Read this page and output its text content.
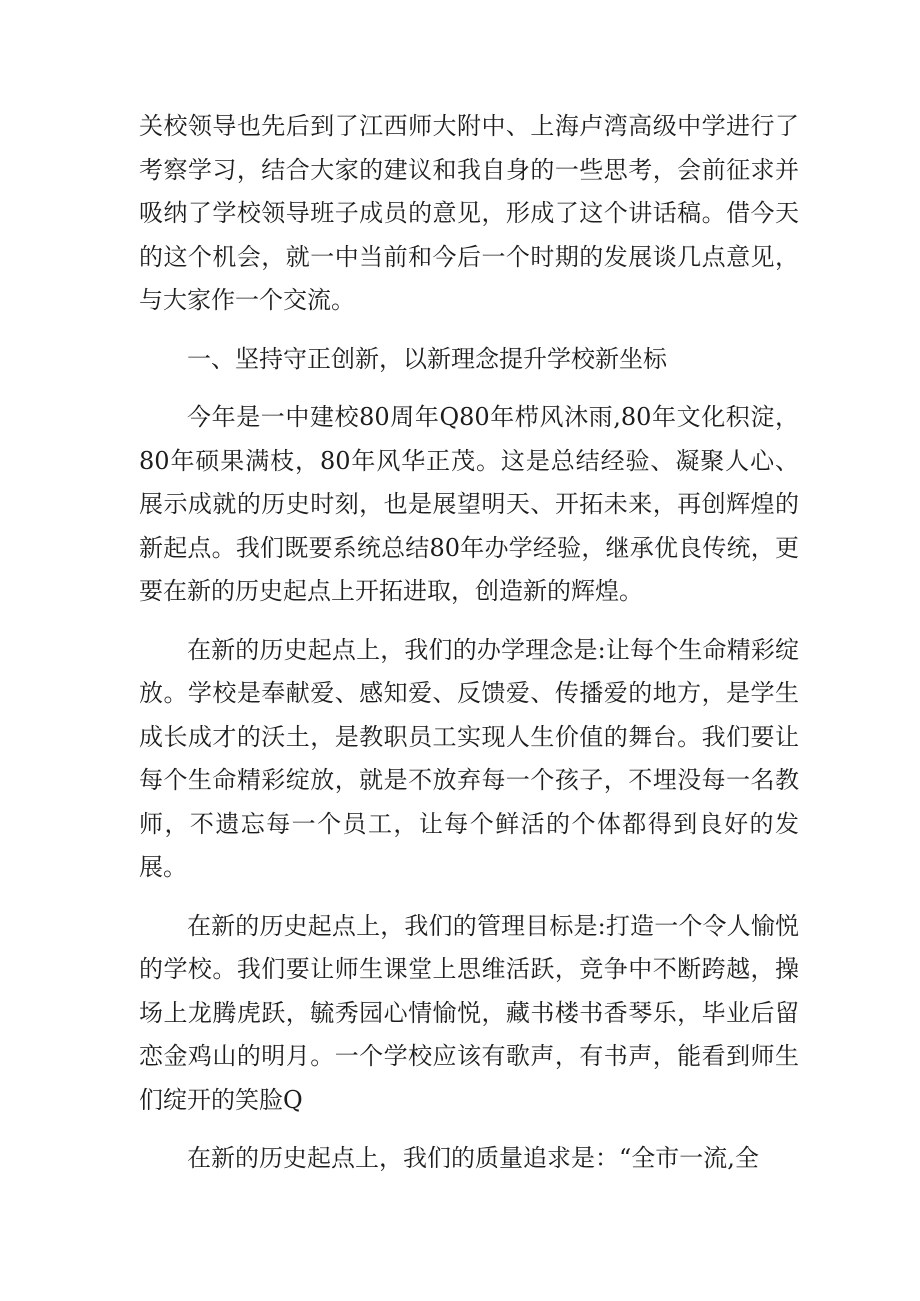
关校领导也先后到了江西师大附中、上海卢湾高级中学进行了考察学习，结合大家的建议和我自身的一些思考，会前征求并吸纳了学校领导班子成员的意见，形成了这个讲话稿。借今天的这个机会，就一中当前和今后一个时期的发展谈几点意见，与大家作一个交流。

一、坚持守正创新，以新理念提升学校新坐标

今年是一中建校80周年Q80年栉风沐雨,80年文化积淀，80年硕果满枝，80年风华正茂。这是总结经验、凝聚人心、展示成就的历史时刻，也是展望明天、开拓未来，再创辉煌的新起点。我们既要系统总结80年办学经验，继承优良传统，更要在新的历史起点上开拓进取，创造新的辉煌。

在新的历史起点上，我们的办学理念是:让每个生命精彩绽放。学校是奉献爱、感知爱、反馈爱、传播爱的地方，是学生成长成才的沃土，是教职员工实现人生价值的舞台。我们要让每个生命精彩绽放，就是不放弃每一个孩子，不埋没每一名教师，不遗忘每一个员工，让每个鲜活的个体都得到良好的发展。

在新的历史起点上，我们的管理目标是:打造一个令人愉悦的学校。我们要让师生课堂上思维活跃，竞争中不断跨越，操场上龙腾虎跃，毓秀园心情愉悦，藏书楼书香琴乐，毕业后留恋金鸡山的明月。一个学校应该有歌声，有书声，能看到师生们绽开的笑脸Q

在新的历史起点上，我们的质量追求是：“全市一流,全
